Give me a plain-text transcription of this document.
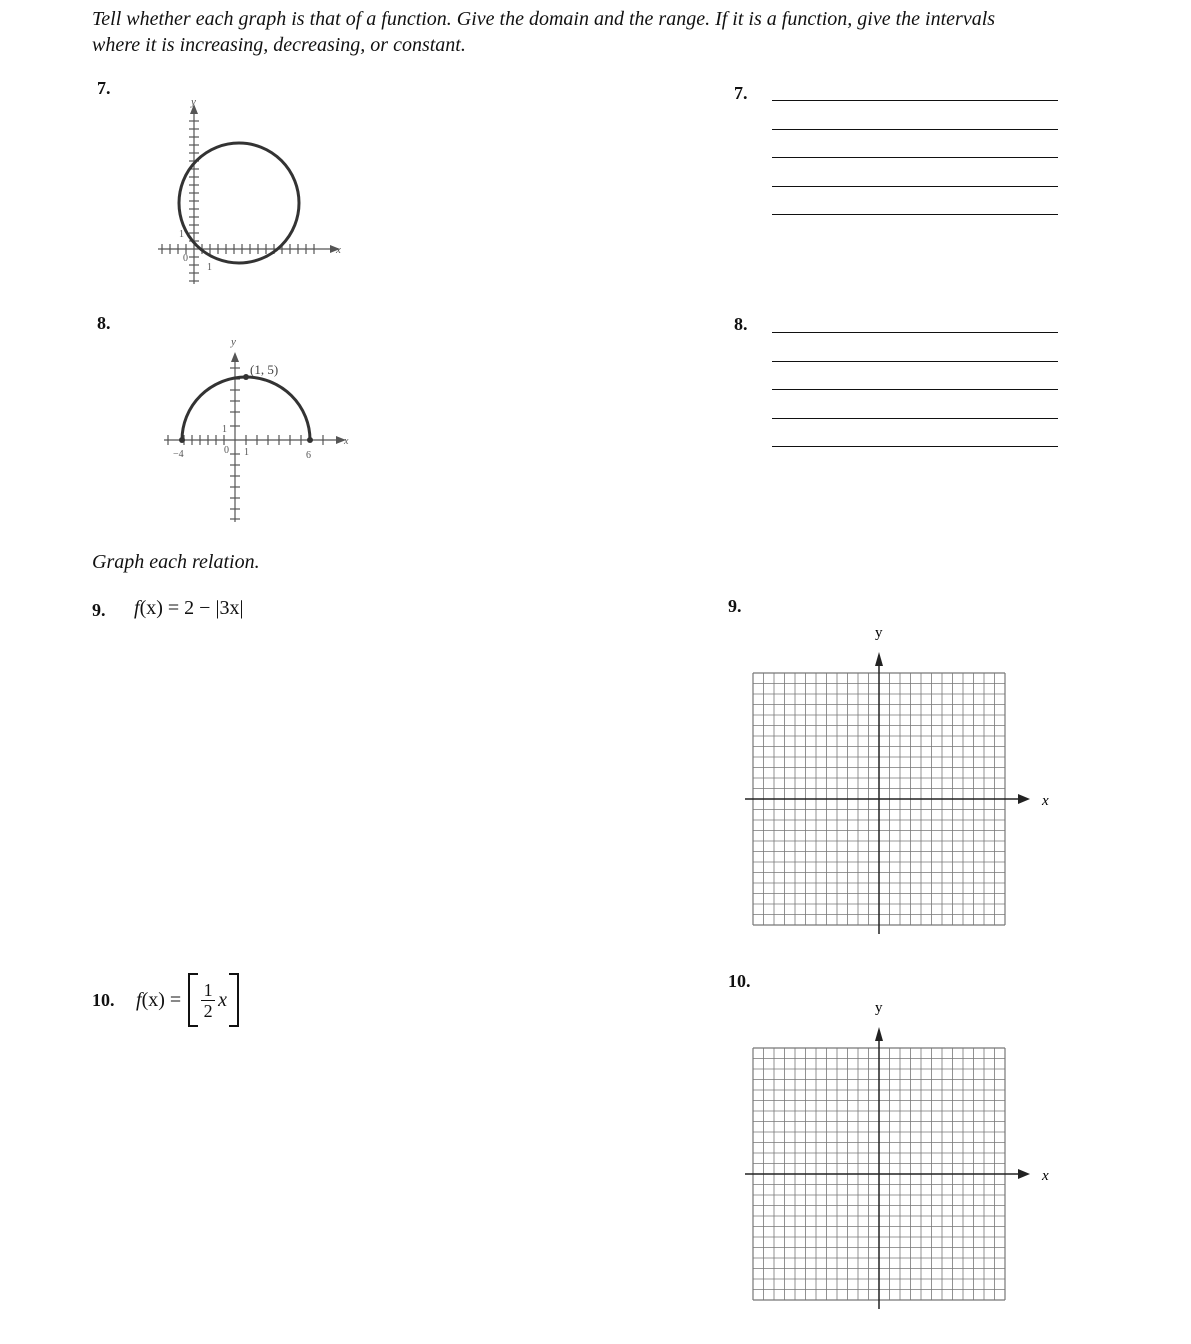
Tell whether each graph is that of a function. Give the domain and the range. If it is a function, give the intervals
where it is increasing, decreasing, or constant.
7.	7.
x
y
0
1
1
8.	8.
(1, 5)
x
y
0 1
1
−4	6
Graph each relation.
9. f(x) = 2 − |3x|	9.
x
y
10. f (x) = 1
2 x
10.
x
y
